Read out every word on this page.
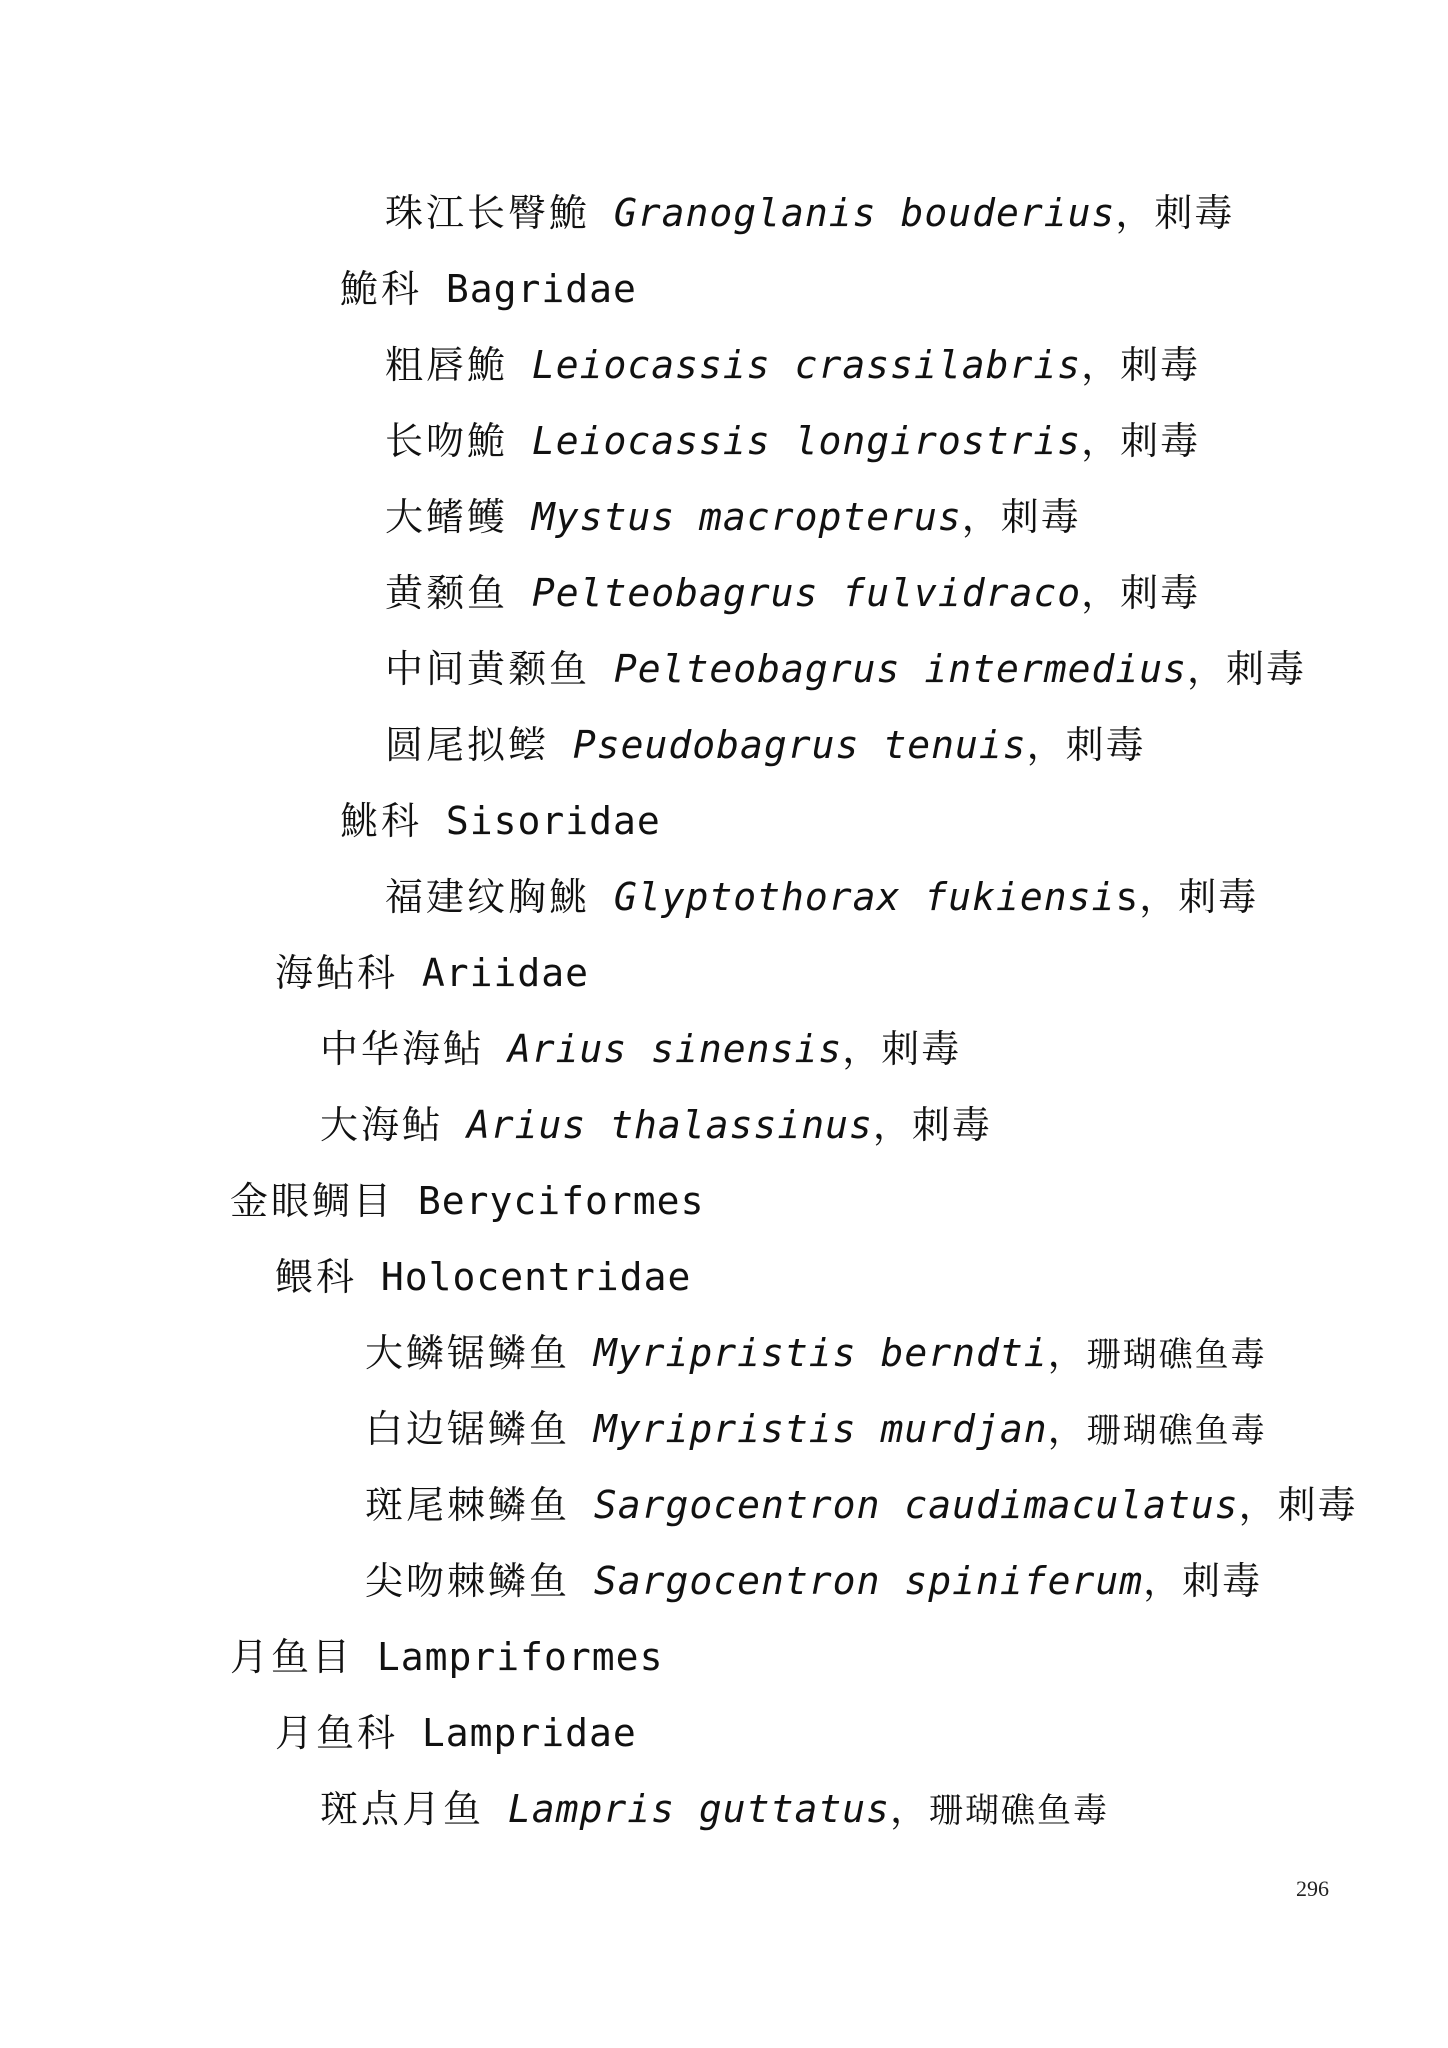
珠江长臀鮠 Granoglanis bouderius，刺毒
鮠科 Bagridae
粗唇鮠 Leiocassis crassilabris，刺毒
长吻鮠 Leiocassis longirostris，刺毒
大鳍鳠 Mystus macropterus，刺毒
黄颡鱼 Pelteobagrus fulvidraco，刺毒
中间黄颡鱼 Pelteobagrus intermedius，刺毒
圆尾拟鲿 Pseudobagrus tenuis，刺毒
鮡科 Sisoridae
福建纹胸鮡 Glyptothorax fukiensis，刺毒
海鲇科 Ariidae
中华海鲇 Arius sinensis，刺毒
大海鲇 Arius thalassinus，刺毒
金眼鲷目 Beryciformes
鳂科 Holocentridae
大鳞锯鳞鱼 Myripristis berndti，珊瑚礁鱼毒
白边锯鳞鱼 Myripristis murdjan，珊瑚礁鱼毒
斑尾棘鳞鱼 Sargocentron caudimaculatus，刺毒
尖吻棘鳞鱼 Sargocentron spiniferum，刺毒
月鱼目 Lampriformes
月鱼科 Lampridae
斑点月鱼 Lampris guttatus，珊瑚礁鱼毒
296
